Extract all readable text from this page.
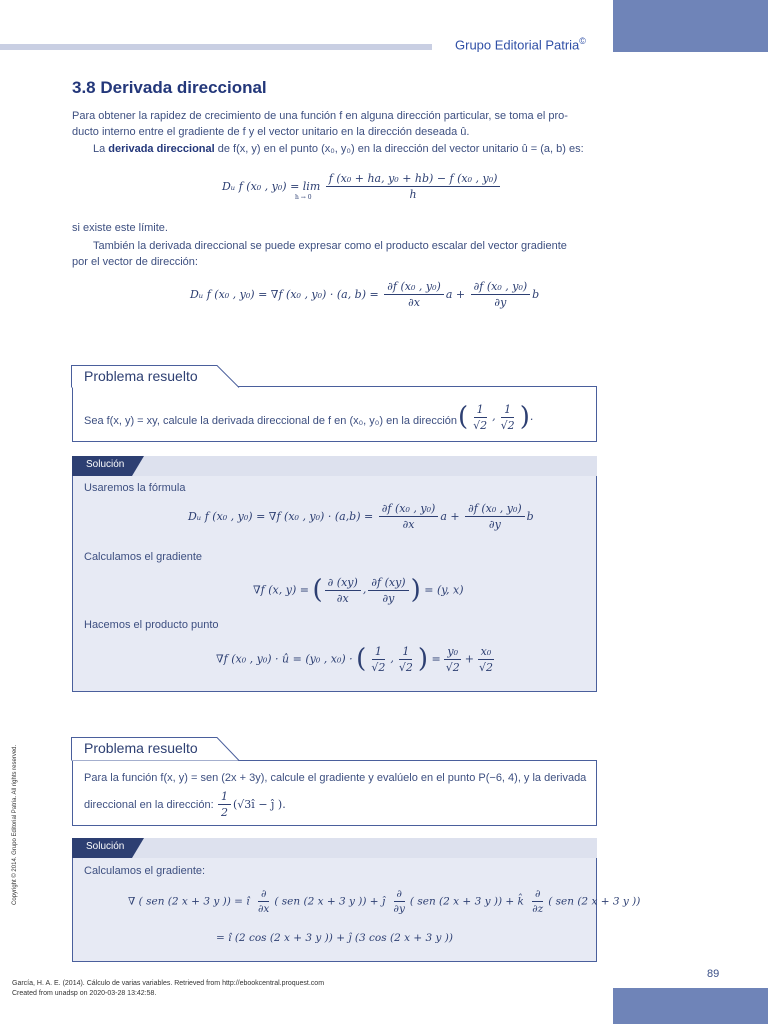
Grupo Editorial Patria©
3.8 Derivada direccional
Para obtener la rapidez de crecimiento de una función f en alguna dirección particular, se toma el pro-
ducto interno entre el gradiente de f y el vector unitario en la dirección deseada û.
La derivada direccional de f(x, y) en el punto (x₀, y₀) en la dirección del vector unitario û = (a, b) es:
Dᵤ f (x₀ , $y_0) = \lim \frac{\text{f (x₀ + ha, y₀ + hb) − f (x₀ , y₀)}}{h}$
h → 0
si existe este límite.
También la derivada direccional se puede expresar como el producto escalar del vector gradiente
por el vector de dirección:
Dᵤ f (x₀ , y₀) = ∇f (x₀ , y₀) · (a, $b) = \frac{\text{∂f (x₀ , y₀)}}{\partial x}$ $a + \frac{\text{∂f (x₀ , y₀)}}{\partial y}$ b
Problema resuelto
Sea f(x, y) = xy, calcule la derivada direccional de f en (x₀, y₀) en la dirección ( $\frac{1}{√2}$ , $\frac{1}{√2}$ ).
Solución
Usaremos la fórmula
Dᵤ f (x₀ , y₀) = ∇f (x₀ , $y_0) \cdot (a,b) = \frac{\text{∂f (x₀ , y₀)}}{\partial x}$ $a + \frac{\text{∂f (x₀ , y₀)}}{\partial y}$ b
Calculamos el gradiente
∇f (x, y) = ( $\frac{\partial (xy)}{\partial x}$ , $\frac{\partial f (xy)}{\partial y}$ ) = (y, x)
Hacemos el producto punto
∇f (x₀ , y₀) · û = (y₀ , x₀) · ( $\frac{1}{√2}$ , $\frac{1}{√2}$ ) = $\frac{\text{y₀}}{√2} + \frac{\text{x₀}}{√2}$
Problema resuelto
Para la función f(x, y) = sen (2x + 3y), calcule el gradiente y evalúelo en el punto P(−6, 4), y la derivada
direccional en la dirección: $\frac{1}{2}$ (√3î − ĵ ).
Solución
Calculamos el gradiente:
∇ ( sen (2 x + 3 y )) = î $\frac{\partial}{\partial x}$ ( sen (2 x + 3 y )) + ĵ $\frac{\partial}{\partial y}$ ( sen (2 x + 3 y )) + k̂ $\frac{\partial}{\partial z}$ ( sen (2 x + 3 y ))
= î (2 cos (2 x + 3 y )) + ĵ (3 cos (2 x + 3 y ))
Copyright © 2014. Grupo Editorial Patria. All rights reserved.
García, H. A. E. (2014). Cálculo de varias variables. Retrieved from http://ebookcentral.proquest.com
Created from unadsp on 2020-03-28 13:42:58.
89
